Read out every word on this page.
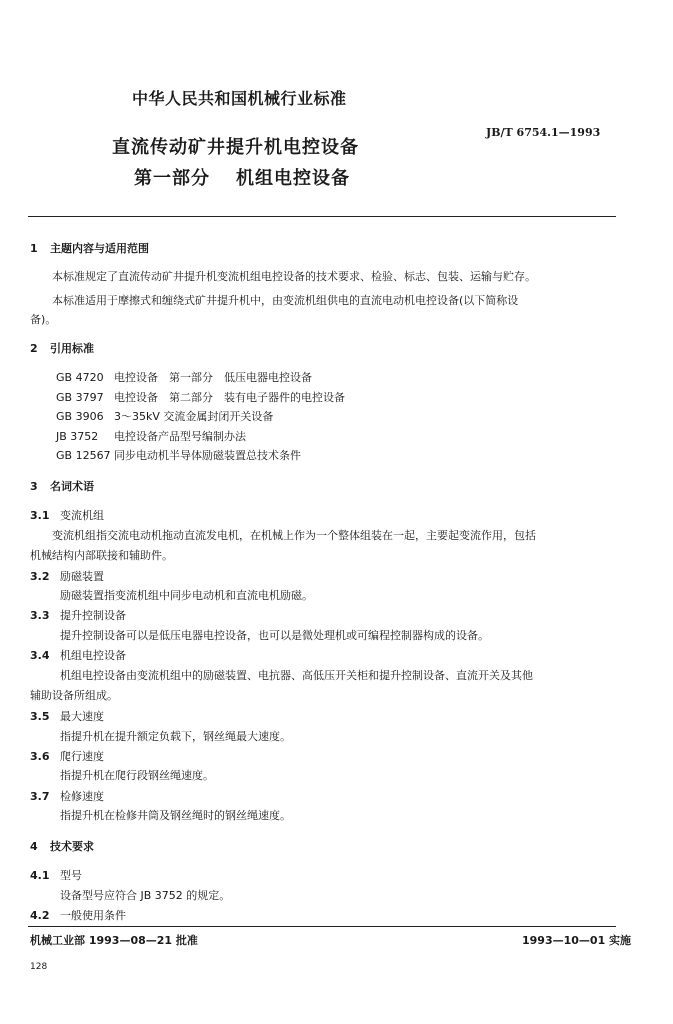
中华人民共和国机械行业标准
JB/T 6754.1—1993
直流传动矿井提升机电控设备
第一部分 机组电控设备
1 主题内容与适用范围
本标准规定了直流传动矿井提升机变流机组电控设备的技术要求、检验、标志、包装、运输与贮存。
本标准适用于摩擦式和缠绕式矿井提升机中，由变流机组供电的直流电动机电控设备(以下简称设
备)。
2 引用标准
GB 4720 电控设备　第一部分　低压电器电控设备
GB 3797 电控设备　第二部分　装有电子器件的电控设备
GB 3906 3～35kV 交流金属封闭开关设备
JB 3752 电控设备产品型号编制办法
GB 12567 同步电动机半导体励磁装置总技术条件
3 名词术语
3.1 变流机组
变流机组指交流电动机拖动直流发电机，在机械上作为一个整体组装在一起，主要起变流作用，包括
机械结构内部联接和辅助件。
3.2 励磁装置
励磁装置指变流机组中同步电动机和直流电机励磁。
3.3 提升控制设备
提升控制设备可以是低压电器电控设备，也可以是微处理机或可编程控制器构成的设备。
3.4 机组电控设备
机组电控设备由变流机组中的励磁装置、电抗器、高低压开关柜和提升控制设备、直流开关及其他
辅助设备所组成。
3.5 最大速度
指提升机在提升额定负载下，钢丝绳最大速度。
3.6 爬行速度
指提升机在爬行段钢丝绳速度。
3.7 检修速度
指提升机在检修井筒及钢丝绳时的钢丝绳速度。
4 技术要求
4.1 型号
设备型号应符合 JB 3752 的规定。
4.2 一般使用条件
机械工业部 1993—08—21 批准	1993—10—01 实施
128
